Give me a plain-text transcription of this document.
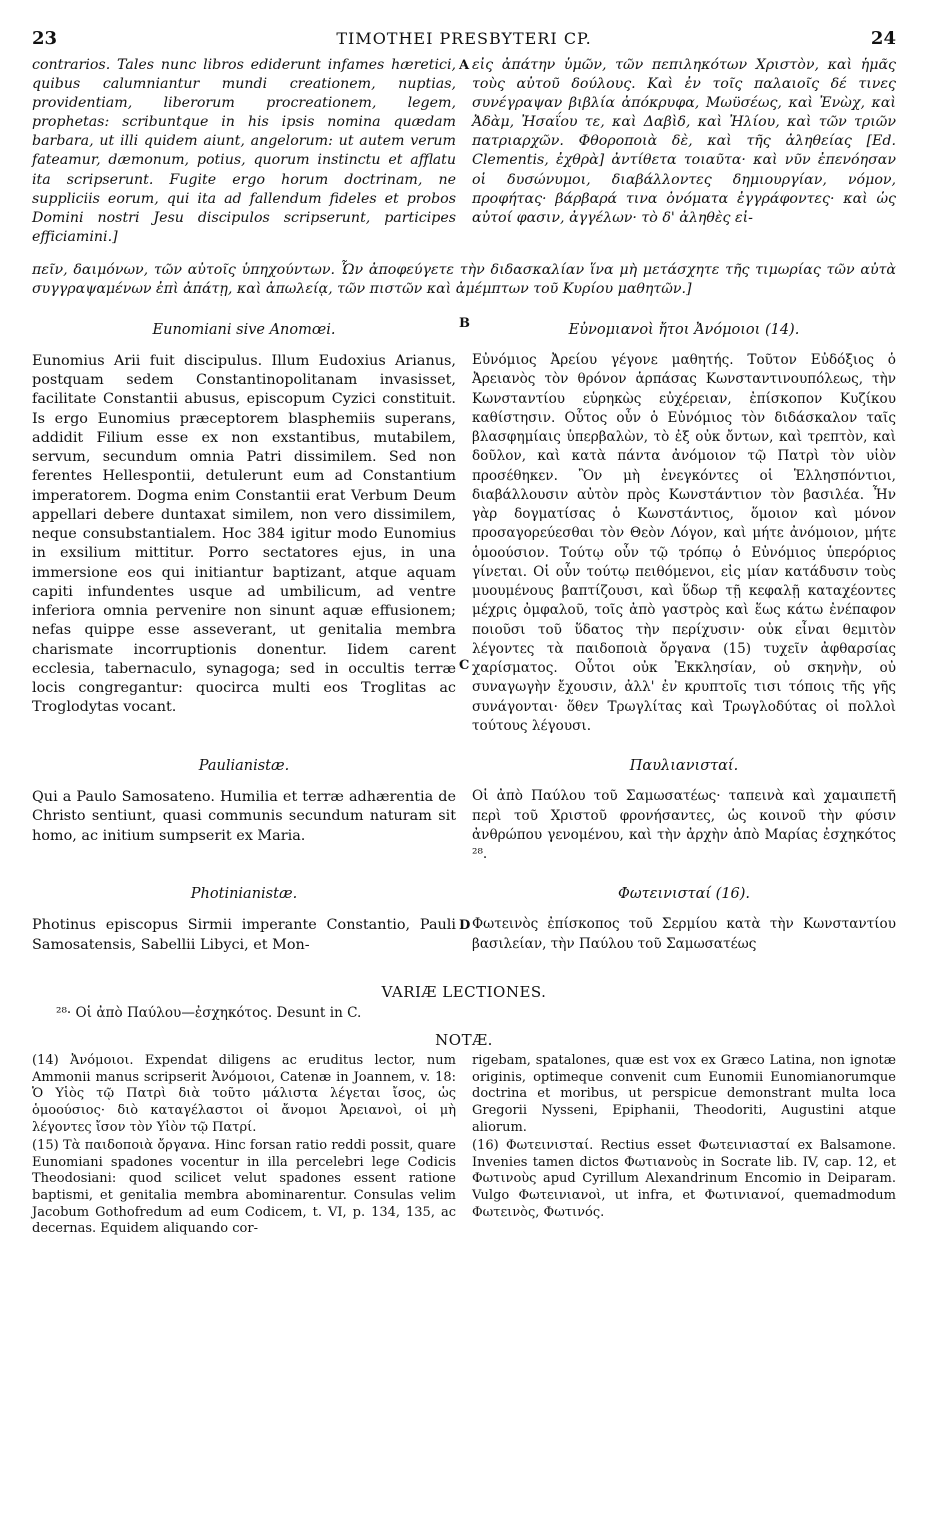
23	TIMOTHEI PRESBYTERI CP.	24
contrarios. Tales nunc libros ediderunt infames hæretici, quibus calumniantur mundi creationem, nuptias, providentiam, liberorum procreationem, legem, prophetas: scribuntque in his ipsis nomina quædam barbara, ut illi quidem aiunt, angelorum: ut autem verum fateamur, dæmonum, potius, quorum instinctu et afflatu ita scripserunt. Fugite ergo horum doctrinam, ne suppliciis eorum, qui ita ad fallendum fideles et probos Domini nostri Jesu discipulos scripserunt, participes efficiamini.]
A εἰς ἀπάτην ὑμῶν, τῶν πεπιληκότων Χριστὸν, καὶ ἡμᾶς τοὺς αὐτοῦ δούλους. Καὶ ἐν τοῖς παλαιοῖς δέ τινες συνέγραψαν βιβλία ἀπόκρυφα, Μωϋσέως, καὶ Ἐνὼχ, καὶ Ἀδὰμ, Ἠσαΐου τε, καὶ Δαβὶδ, καὶ Ἠλίου, καὶ τῶν τριῶν πατριαρχῶν. Φθοροποιὰ δὲ, καὶ τῆς ἀληθείας [Ed. Clementis, ἐχθρὰ] ἀντίθετα τοιαῦτα· καὶ νῦν ἐπενόησαν οἱ δυσώνυμοι, διαβάλλοντες δημιουργίαν, νόμον, προφήτας· βάρβαρά τινα ὀνόματα ἐγγράφοντες· καὶ ὡς αὐτοί φασιν, ἀγγέλων· τὸ δ' ἀληθὲς εἰ-

πεῖν, δαιμόνων, τῶν αὐτοῖς ὑπηχούντων. Ὧν ἀποφεύγετε τὴν διδασκαλίαν ἵνα μὴ μετάσχητε τῆς τιμωρίας τῶν αὐτὰ συγγραψαμένων ἐπὶ ἀπάτῃ, καὶ ἀπωλείᾳ, τῶν πιστῶν καὶ ἀμέμπτων τοῦ Κυρίου μαθητῶν.]

B
C
Eunomiani sive Anomœi.

Eunomius Arii fuit discipulus. Illum Eudoxius Arianus, postquam sedem Constantinopolitanam invasisset, facilitate Constantii abusus, episcopum Cyzici constituit. Is ergo Eunomius præceptorem blasphemiis superans, addidit Filium esse ex non exstantibus, mutabilem, servum, secundum omnia Patri dissimilem. Sed non ferentes Hellespontii, detulerunt eum ad Constantium imperatorem. Dogma enim Constantii erat Verbum Deum appellari debere duntaxat similem, non vero dissimilem, neque consubstantialem. Hoc 384 igitur modo Eunomius in exsilium mittitur. Porro sectatores ejus, in una immersione eos qui initiantur baptizant, atque aquam capiti infundentes usque ad umbilicum, ad ventre inferiora omnia pervenire non sinunt aquæ effusionem; nefas quippe esse asseverant, ut genitalia membra charismate incorruptionis donentur. Iidem carent ecclesia, tabernaculo, synagoga; sed in occultis terræ locis congregantur: quocirca multi eos Troglitas ac Troglodytas vocant.

Εὐνομιανοὶ ἤτοι Ἀνόμοιοι (14).

Εὐνόμιος Ἀρείου γέγονε μαθητής. Τοῦτον Εὐδόξιος ὁ Ἀρειανὸς τὸν θρόνον ἁρπάσας Κωνσταντινουπόλεως, τὴν Κωνσταντίου εὑρηκὼς εὐχέρειαν, ἐπίσκοπον Κυζίκου καθίστησιν. Οὗτος οὖν ὁ Εὐνόμιος τὸν διδάσκαλον ταῖς βλασφημίαις ὑπερβαλὼν, τὸ ἐξ οὐκ ὄντων, καὶ τρεπτὸν, καὶ δοῦλον, καὶ κατὰ πάντα ἀνόμοιον τῷ Πατρὶ τὸν υἱὸν προσέθηκεν. Ὃν μὴ ἐνεγκόντες οἱ Ἑλλησπόντιοι, διαβάλλουσιν αὐτὸν πρὸς Κωνστάντιον τὸν βασιλέα. Ἦν γὰρ δογματίσας ὁ Κωνστάντιος, ὅμοιον καὶ μόνον προσαγορεύεσθαι τὸν Θεὸν Λόγον, καὶ μήτε ἀνόμοιον, μήτε ὁμοούσιον. Τούτῳ οὖν τῷ τρόπῳ ὁ Εὐνόμιος ὑπερόριος γίνεται. Οἱ οὖν τούτῳ πειθόμενοι, εἰς μίαν κατάδυσιν τοὺς μυουμένους βαπτίζουσι, καὶ ὕδωρ τῇ κεφαλῇ καταχέοντες μέχρις ὀμφαλοῦ, τοῖς ἀπὸ γαστρὸς καὶ ἕως κάτω ἐνέπαφον ποιοῦσι τοῦ ὕδατος τὴν περίχυσιν· οὐκ εἶναι θεμιτὸν λέγοντες τὰ παιδοποιὰ ὄργανα (15) τυχεῖν ἀφθαρσίας χαρίσματος. Οὗτοι οὐκ Ἐκκλησίαν, οὐ σκηνὴν, οὐ συναγωγὴν ἔχουσιν, ἀλλ' ἐν κρυπτοῖς τισι τόποις τῆς γῆς συνάγονται· ὅθεν Τρωγλίτας καὶ Τρωγλοδύτας οἱ πολλοὶ τούτους λέγουσι.

Paulianistæ.

Qui a Paulo Samosateno. Humilia et terræ adhærentia de Christo sentiunt, quasi communis secundum naturam sit homo, ac initium sumpserit ex Maria.

Παυλιανισταί.

Οἱ ἀπὸ Παύλου τοῦ Σαμωσατέως· ταπεινὰ καὶ χαμαιπετῆ περὶ τοῦ Χριστοῦ φρονήσαντες, ὡς κοινοῦ τὴν φύσιν ἀνθρώπου γενομένου, καὶ τὴν ἀρχὴν ἀπὸ Μαρίας ἐσχηκότος ²⁸.

D
Photinianistæ.

Photinus episcopus Sirmii imperante Constantio, Pauli Samosatensis, Sabellii Libyci, et Mon-

Φωτεινισταί (16).

Φωτεινὸς ἐπίσκοπος τοῦ Σερμίου κατὰ τὴν Κωνσταντίου βασιλείαν, τὴν Παύλου τοῦ Σαμωσατέως

VARIÆ LECTIONES.
²⁸· Οἱ ἀπὸ Παύλου—ἐσχηκότος. Desunt in C.
NOTÆ.

(14) Ἀνόμοιοι. Expendat diligens ac eruditus lector, num Ammonii manus scripserit Ἀνόμοιοι, Catenæ in Joannem, v. 18: Ὁ Υἱὸς τῷ Πατρὶ διὰ τοῦτο μάλιστα λέγεται ἴσος, ὡς ὁμοούσιος· διὸ καταγέλαστοι οἱ ἄνομοι Ἀρειανοὶ, οἱ μὴ λέγοντες ἴσον τὸν Υἱὸν τῷ Πατρί.

(15) Τὰ παιδοποιὰ ὄργανα. Hinc forsan ratio reddi possit, quare Eunomiani spadones vocentur in illa percelebri lege Codicis Theodosiani: quod scilicet velut spadones essent ratione baptismi, et genitalia membra abominarentur. Consulas velim Jacobum Gothofredum ad eum Codicem, t. VI, p. 134, 135, ac decernas. Equidem aliquando cor-

rigebam, spatalones, quæ est vox ex Græco Latina, non ignotæ originis, optimeque convenit cum Eunomii Eunomianorumque doctrina et moribus, ut perspicue demonstrant multa loca Gregorii Nysseni, Epiphanii, Theodoriti, Augustini atque aliorum.

(16) Φωτεινισταί. Rectius esset Φωτεινιασταί ex Balsamone. Invenies tamen dictos Φωτιανοὺς in Socrate lib. IV, cap. 12, et Φωτινοὺς apud Cyrillum Alexandrinum Encomio in Deiparam. Vulgo Φωτεινιανοὶ, ut infra, et Φωτινιανοί, quemadmodum Φωτεινὸς, Φωτινός.
